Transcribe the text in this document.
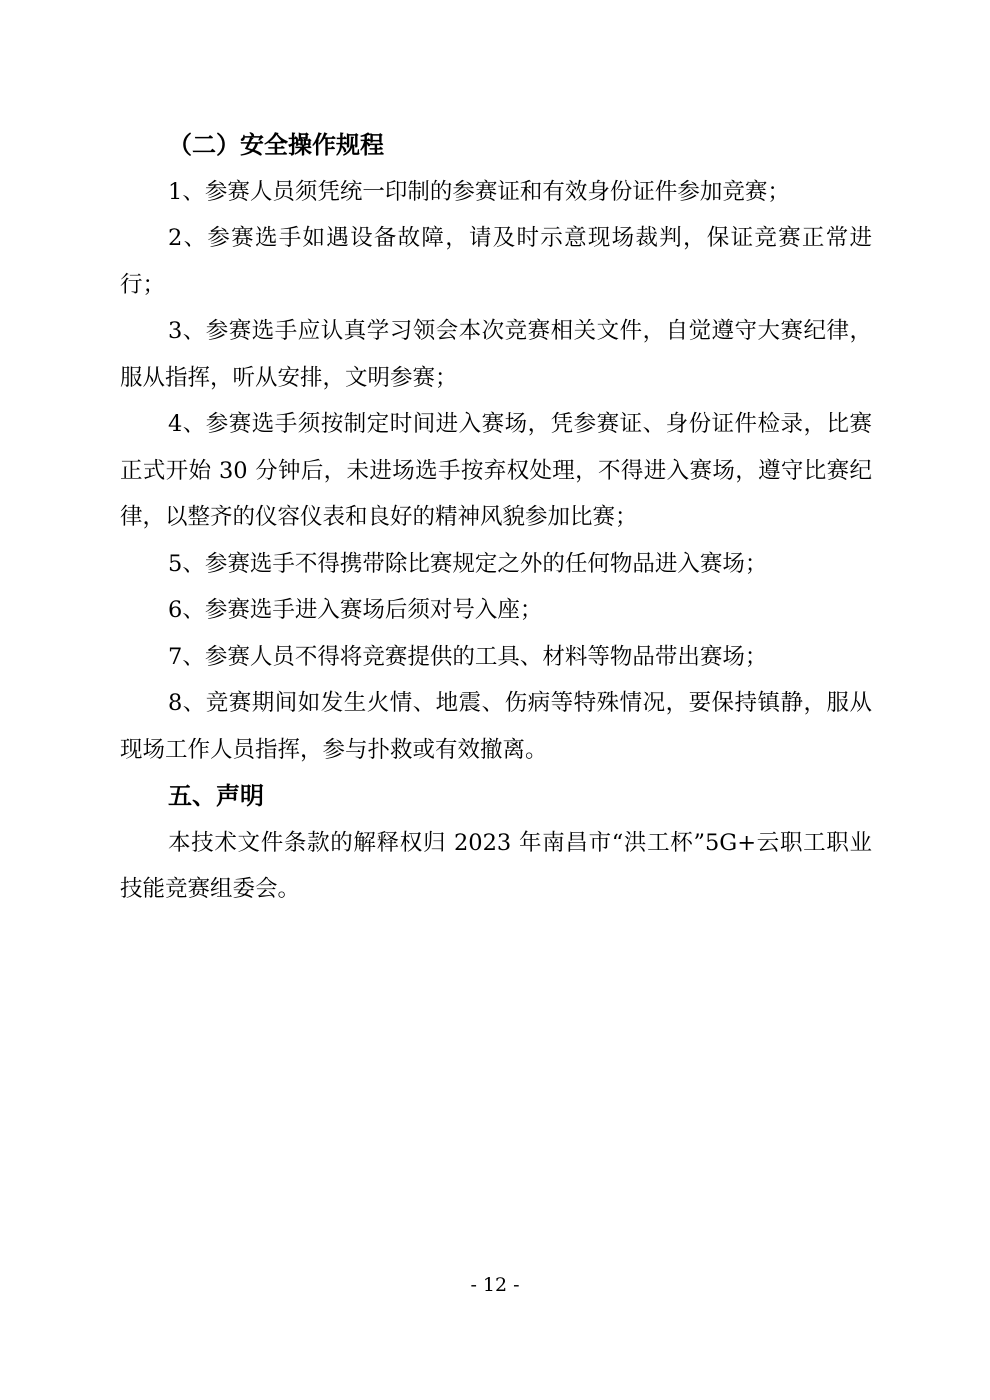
（二）安全操作规程

1、参赛人员须凭统一印制的参赛证和有效身份证件参加竞赛；

2、参赛选手如遇设备故障，请及时示意现场裁判，保证竞赛正常进行；

3、参赛选手应认真学习领会本次竞赛相关文件，自觉遵守大赛纪律，服从指挥，听从安排，文明参赛；

4、参赛选手须按制定时间进入赛场，凭参赛证、身份证件检录，比赛正式开始 30 分钟后，未进场选手按弃权处理，不得进入赛场，遵守比赛纪律，以整齐的仪容仪表和良好的精神风貌参加比赛；

5、参赛选手不得携带除比赛规定之外的任何物品进入赛场；

6、参赛选手进入赛场后须对号入座；

7、参赛人员不得将竞赛提供的工具、材料等物品带出赛场；

8、竞赛期间如发生火情、地震、伤病等特殊情况，要保持镇静，服从现场工作人员指挥，参与扑救或有效撤离。

五、声明

本技术文件条款的解释权归 2023 年南昌市“洪工杯”5G+云职工职业技能竞赛组委会。

- 12 -
